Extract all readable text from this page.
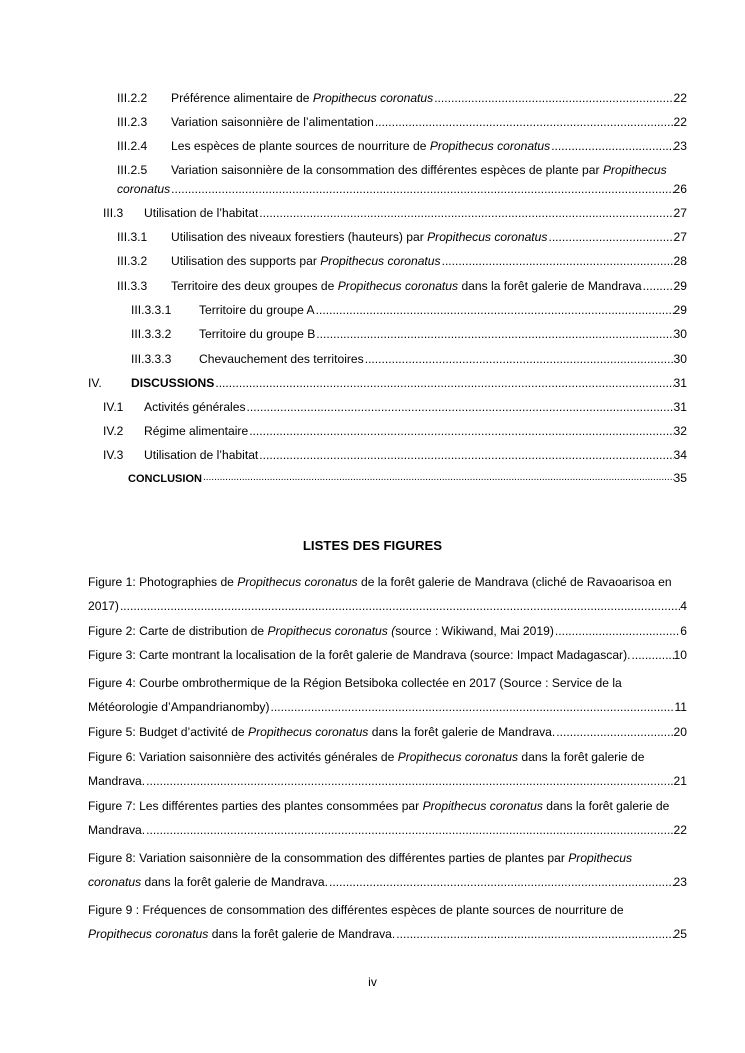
III.2.2 Préférence alimentaire de Propithecus coronatus .....	22
III.2.3 Variation saisonnière de l’alimentation .....	22
III.2.4 Les espèces de plante sources de nourriture de Propithecus coronatus .....	23
III.2.5 Variation saisonnière de la consommation des différentes espèces de plante par Propithecus
coronatus .....	26
III.3 Utilisation de l’habitat .....	27
III.3.1 Utilisation des niveaux forestiers (hauteurs) par Propithecus coronatus .....	27
III.3.2 Utilisation des supports par Propithecus coronatus .....	28
III.3.3 Territoire des deux groupes de Propithecus coronatus dans la forêt galerie de Mandrava .....	29
III.3.3.1 Territoire du groupe A .....	29
III.3.3.2 Territoire du groupe B .....	30
III.3.3.3 Chevauchement des territoires .....	30
IV. DISCUSSIONS .....	31
IV.1 Activités générales .....	31
IV.2 Régime alimentaire .....	32
IV.3 Utilisation de l’habitat .....	34
CONCLUSION .....	35
LISTES DES FIGURES
Figure 1: Photographies de Propithecus coronatus de la forêt galerie de Mandrava (cliché de Ravaoarisoa en
2017) .....	4
Figure 2: Carte de distribution de Propithecus coronatus (source : Wikiwand, Mai 2019) .....	6
Figure 3: Carte montrant la localisation de la forêt galerie de Mandrava (source: Impact Madagascar). .....	10
Figure 4: Courbe ombrothermique de la Région Betsiboka collectée en 2017 (Source : Service de la
Météorologie d’Ampandrianomby) .....	11
Figure 5: Budget d’activité de Propithecus coronatus dans la forêt galerie de Mandrava. .....	20
Figure 6: Variation saisonnière des activités générales de Propithecus coronatus dans la forêt galerie de
Mandrava. .....	21
Figure 7: Les différentes parties des plantes consommées par Propithecus coronatus dans la forêt galerie de
Mandrava. .....	22
Figure 8: Variation saisonnière de la consommation des différentes parties de plantes par Propithecus
coronatus dans la forêt galerie de Mandrava. .....	23
Figure 9 : Fréquences de consommation des différentes espèces de plante sources de nourriture de
Propithecus coronatus dans la forêt galerie de Mandrava. .....	25
iv
